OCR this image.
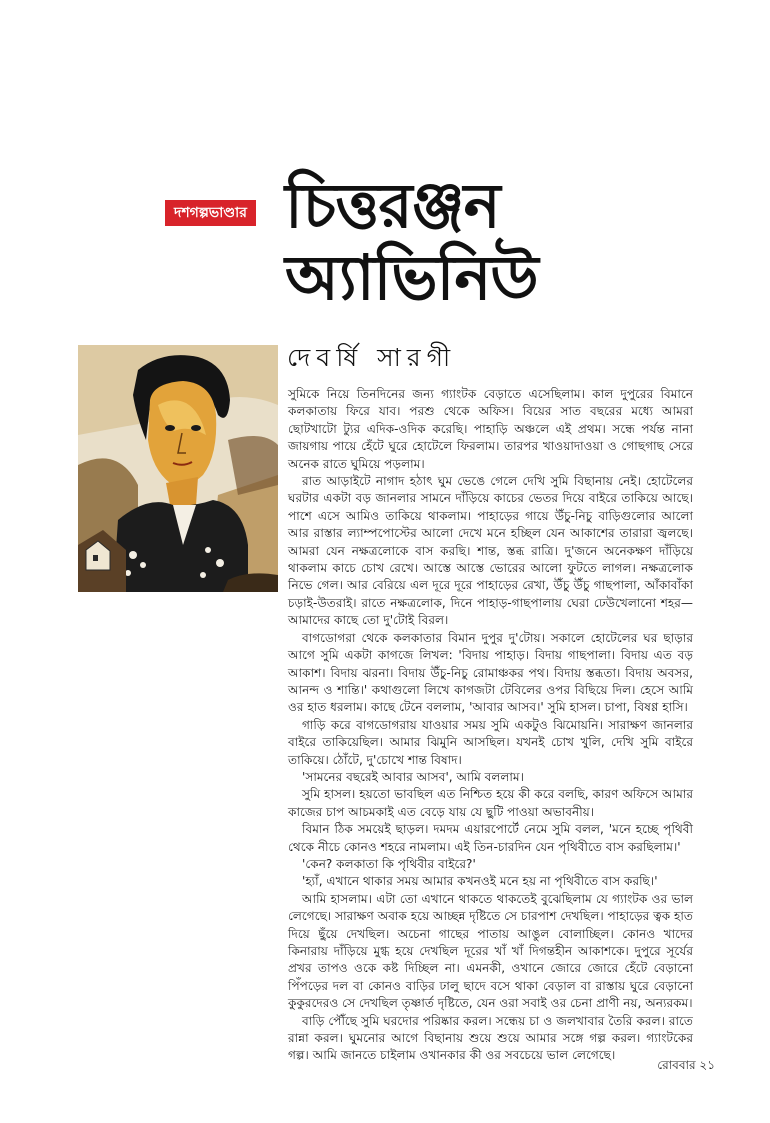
দশগল্পভাণ্ডার চিত্তরঞ্জন
অ্যাভিনিউ
দেবর্ষি সারগী

সুমিকে নিয়ে তিনদিনের জন্য গ্যাংটক বেড়াতে এসেছিলাম। কাল দুপুরের বিমানে কলকাতায় ফিরে যাব। পরশু থেকে অফিস। বিয়ের সাত বছরের মধ্যে আমরা ছোটখাটো ট্যুর এদিক-ওদিক করেছি। পাহাড়ি অঞ্চলে এই প্রথম। সন্ধে পর্যন্ত নানা জায়গায় পায়ে হেঁটে ঘুরে হোটেলে ফিরলাম। তারপর খাওয়াদাওয়া ও গোছগাছ সেরে অনেক রাতে ঘুমিয়ে পড়লাম।

রাত আড়াইটে নাগাদ হঠাৎ ঘুম ভেঙে গেলে দেখি সুমি বিছানায় নেই। হোটেলের ঘরটার একটা বড় জানলার সামনে দাঁড়িয়ে কাচের ভেতর দিয়ে বাইরে তাকিয়ে আছে। পাশে এসে আমিও তাকিয়ে থাকলাম। পাহাড়ের গায়ে উঁচু-নিচু বাড়িগুলোর আলো আর রাস্তার ল্যাম্পপোস্টের আলো দেখে মনে হচ্ছিল যেন আকাশের তারারা জ্বলছে। আমরা যেন নক্ষত্রলোকে বাস করছি। শান্ত, স্তব্ধ রাত্রি। দু'জনে অনেকক্ষণ দাঁড়িয়ে থাকলাম কাচে চোখ রেখে। আস্তে আস্তে ভোরের আলো ফুটতে লাগল। নক্ষত্রলোক নিভে গেল। আর বেরিয়ে এল দূরে দূরে পাহাড়ের রেখা, উঁচু উঁচু গাছপালা, আঁকাবাঁকা চড়াই-উতরাই। রাতে নক্ষত্রলোক, দিনে পাহাড়-গাছপালায় ঘেরা ঢেউখেলানো শহর— আমাদের কাছে তো দু'টোই বিরল।

বাগডোগরা থেকে কলকাতার বিমান দুপুর দু'টোয়। সকালে হোটেলের ঘর ছাড়ার আগে সুমি একটা কাগজে লিখল: 'বিদায় পাহাড়। বিদায় গাছপালা। বিদায় এত বড় আকাশ। বিদায় ঝরনা। বিদায় উঁচু-নিচু রোমাঞ্চকর পথ। বিদায় স্তব্ধতা। বিদায় অবসর, আনন্দ ও শান্তি।' কথাগুলো লিখে কাগজটা টেবিলের ওপর বিছিয়ে দিল। হেসে আমি ওর হাত ধরলাম। কাছে টেনে বললাম, 'আবার আসব।' সুমি হাসল। চাপা, বিষণ্ণ হাসি।

গাড়ি করে বাগডোগরায় যাওয়ার সময় সুমি একটুও ঝিমোয়নি। সারাক্ষণ জানলার বাইরে তাকিয়েছিল। আমার ঝিমুনি আসছিল। যখনই চোখ খুলি, দেখি সুমি বাইরে তাকিয়ে। ঠোঁটে, দু'চোখে শান্ত বিষাদ।

'সামনের বছরেই আবার আসব', আমি বললাম।

সুমি হাসল। হয়তো ভাবছিল এত নিশ্চিত হয়ে কী করে বলছি, কারণ অফিসে আমার কাজের চাপ আচমকাই এত বেড়ে যায় যে ছুটি পাওয়া অভাবনীয়।

বিমান ঠিক সময়েই ছাড়ল। দমদম এয়ারপোর্টে নেমে সুমি বলল, 'মনে হচ্ছে পৃথিবী থেকে নীচে কোনও শহরে নামলাম। এই তিন-চারদিন যেন পৃথিবীতে বাস করছিলাম।'

'কেন? কলকাতা কি পৃথিবীর বাইরে?'

'হ্যাঁ, এখানে থাকার সময় আমার কখনওই মনে হয় না পৃথিবীতে বাস করছি।'

আমি হাসলাম। এটা তো এখানে থাকতে থাকতেই বুঝেছিলাম যে গ্যাংটক ওর ভাল লেগেছে। সারাক্ষণ অবাক হয়ে আচ্ছন্ন দৃষ্টিতে সে চারপাশ দেখছিল। পাহাড়ের ত্বক হাত দিয়ে ছুঁয়ে দেখছিল। অচেনা গাছের পাতায় আঙুল বোলাচ্ছিল। কোনও খাদের কিনারায় দাঁড়িয়ে মুগ্ধ হয়ে দেখছিল দূরের খাঁ খাঁ দিগন্তহীন আকাশকে। দুপুরে সূর্যের প্রখর তাপও ওকে কষ্ট দিচ্ছিল না। এমনকী, ওখানে জোরে জোরে হেঁটে বেড়ানো পিঁপড়ের দল বা কোনও বাড়ির ঢালু ছাদে বসে থাকা বেড়াল বা রাস্তায় ঘুরে বেড়ানো কুকুরদেরও সে দেখছিল তৃষ্ণার্ত দৃষ্টিতে, যেন ওরা সবাই ওর চেনা প্রাণী নয়, অন্যরকম।

বাড়ি পৌঁছে সুমি ঘরদোর পরিষ্কার করল। সন্ধেয় চা ও জলখাবার তৈরি করল। রাতে রান্না করল। ঘুমনোর আগে বিছানায় শুয়ে শুয়ে আমার সঙ্গে গল্প করল। গ্যাংটকের গল্প। আমি জানতে চাইলাম ওখানকার কী ওর সবচেয়ে ভাল লেগেছে।

রোববার ২১
